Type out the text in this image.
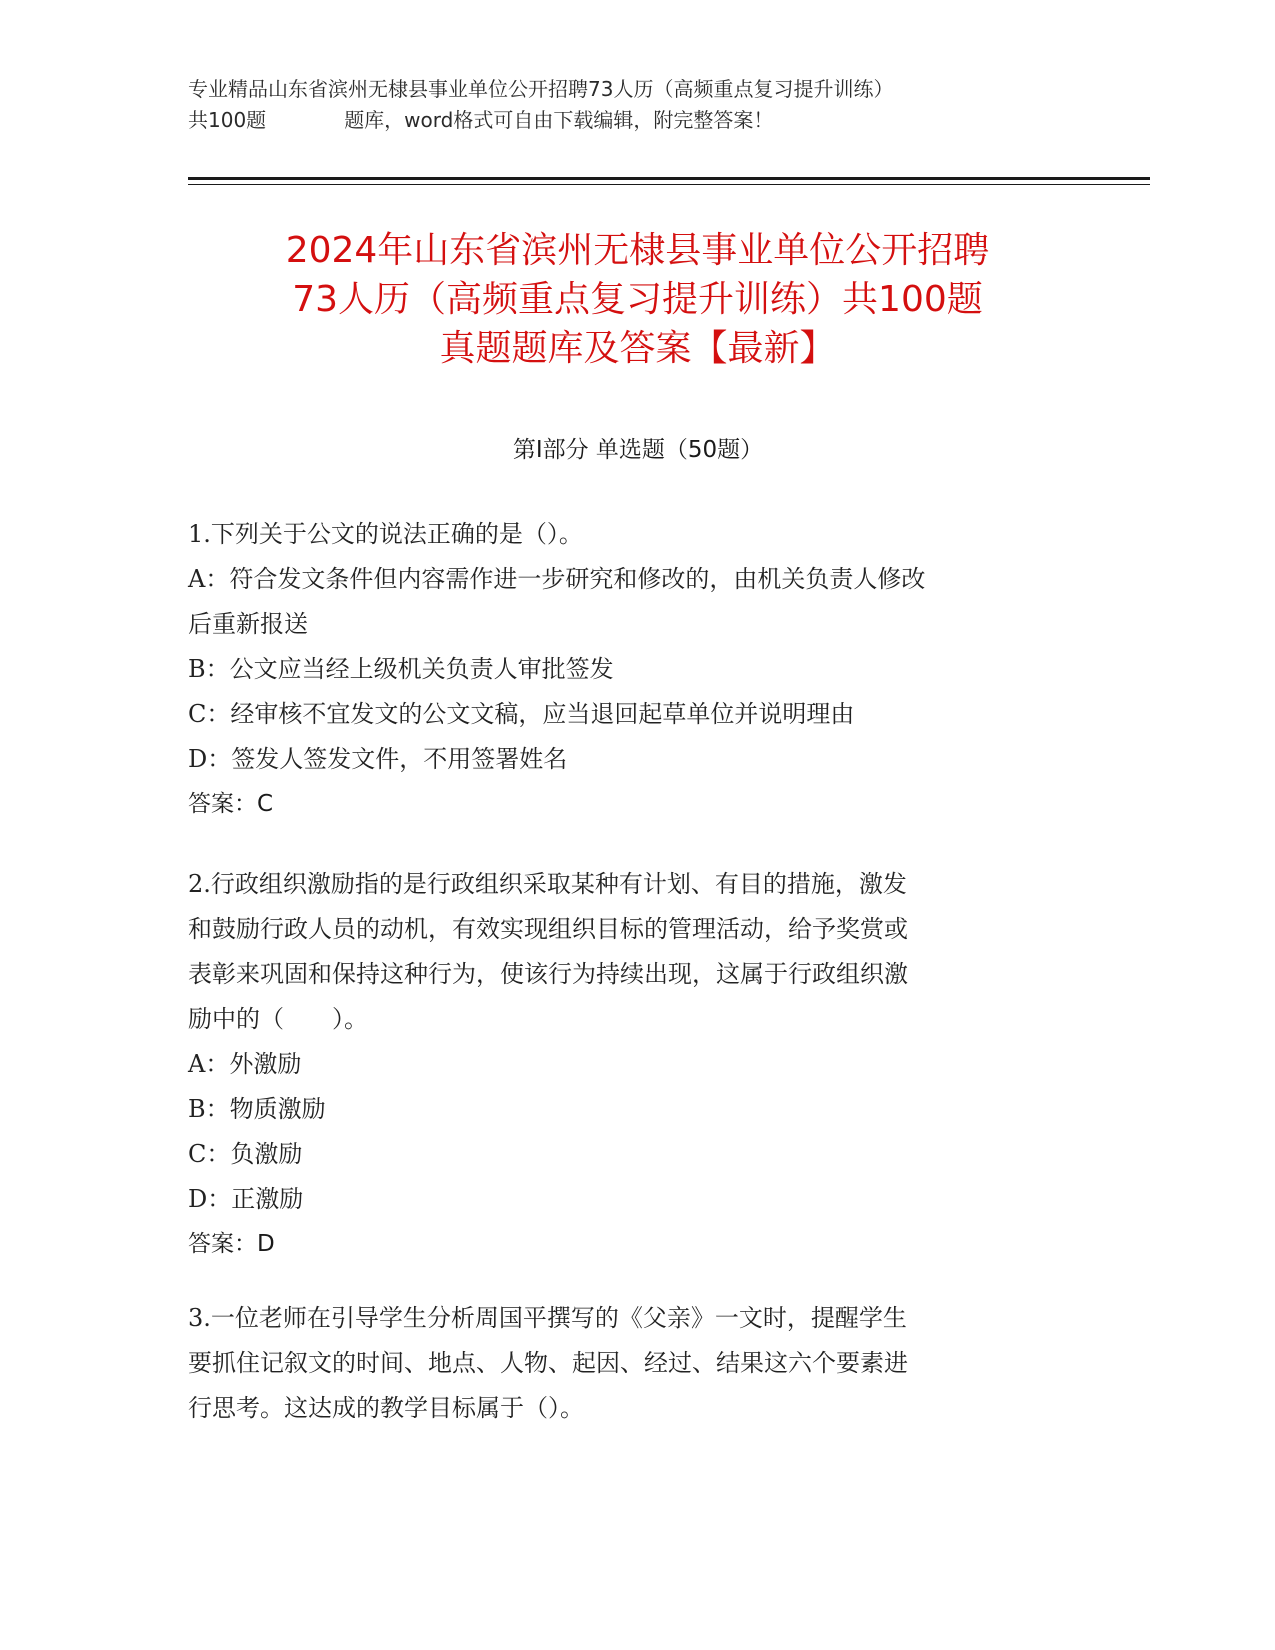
专业精品山东省滨州无棣县事业单位公开招聘73人历（高频重点复习提升训练）
共100题	题库，word格式可自由下载编辑，附完整答案！
2024年山东省滨州无棣县事业单位公开招聘
73人历（高频重点复习提升训练）共100题
真题题库及答案【最新】
第Ⅰ部分 单选题（50题）

1.下列关于公文的说法正确的是（）。

A：符合发文条件但内容需作进一步研究和修改的，由机关负责人修改

后重新报送

B：公文应当经上级机关负责人审批签发

C：经审核不宜发文的公文文稿，应当退回起草单位并说明理由

D：签发人签发文件，不用签署姓名

答案：C

2.行政组织激励指的是行政组织采取某种有计划、有目的措施，激发

和鼓励行政人员的动机，有效实现组织目标的管理活动，给予奖赏或

表彰来巩固和保持这种行为，使该行为持续出现，这属于行政组织激

励中的（　　）。

A：外激励

B：物质激励

C：负激励

D：正激励

答案：D

3.一位老师在引导学生分析周国平撰写的《父亲》一文时，提醒学生

要抓住记叙文的时间、地点、人物、起因、经过、结果这六个要素进

行思考。这达成的教学目标属于（）。
